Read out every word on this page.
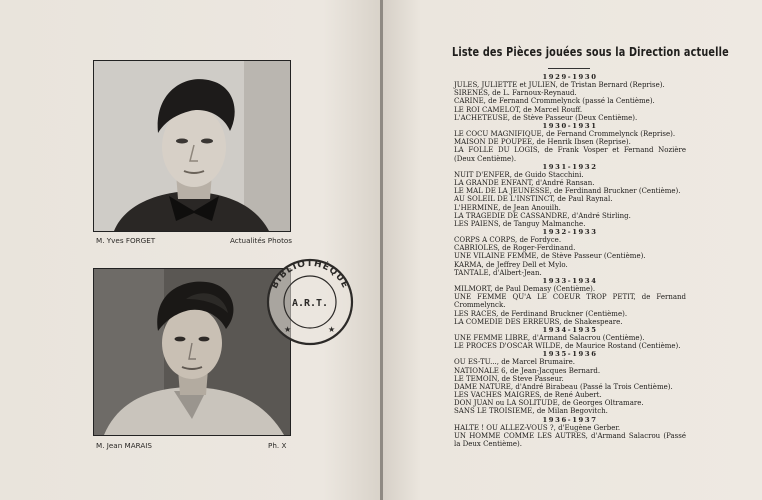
M. Yves FORGET	Actualités Photos
M. Jean MARAIS	Ph. X
BIBLIOTHÈQUE
A.R.T.
★	★
Liste des Pièces jouées sous la Direction actuelle
1929-1930
JULES, JULIETTE et JULIEN, de Tristan Bernard (Reprise).
SIRENES, de L. Farnoux-Reynaud.
CARINE, de Fernand Crommelynck (passé la Centième).
LE ROI CAMELOT, de Marcel Rouff.
L'ACHETEUSE, de Stève Passeur (Deux Centième).
1930-1931
LE COCU MAGNIFIQUE, de Fernand Crommelynck (Reprise).
MAISON DE POUPEE, de Henrik Ibsen (Reprise).
LA FOLLE DU LOGIS, de Frank Vosper et Fernand Nozière (Deux Centième).
1931-1932
NUIT D'ENFER, de Guido Stacchini.
LA GRANDE ENFANT, d'André Ransan.
LE MAL DE LA JEUNESSE, de Ferdinand Bruckner (Centième).
AU SOLEIL DE L'INSTINCT, de Paul Raynal.
L'HERMINE, de Jean Anouilh.
LA TRAGEDIE DE CASSANDRE, d'André Stirling.
LES PAIENS, de Tanguy Malmanche.
1932-1933
CORPS A CORPS, de Fordyce.
CABRIOLES, de Roger-Ferdinand.
UNE VILAINE FEMME, de Stève Passeur (Centième).
KARMA, de Jeffrey Dell et Mylo.
TANTALE, d'Albert-Jean.
1933-1934
MILMORT, de Paul Demasy (Centième).
UNE FEMME QU'A LE COEUR TROP PETIT, de Fernand Crommelynck.
LES RACES, de Ferdinand Bruckner (Centième).
LA COMEDIE DES ERREURS, de Shakespeare.
1934-1935
UNE FEMME LIBRE, d'Armand Salacrou (Centième).
LE PROCES D'OSCAR WILDE, de Maurice Rostand (Centième).
1935-1936
OU ES-TU..., de Marcel Brumaire.
NATIONALE 6, de Jean-Jacques Bernard.
LE TEMOIN, de Steve Passeur.
DAME NATURE, d'André Birabeau (Passé la Trois Centième).
LES VACHES MAIGRES, de René Aubert.
DON JUAN ou LA SOLITUDE, de Georges Oltramare.
SANS LE TROISIEME, de Milan Begovitch.
1936-1937
HALTE ! OU ALLEZ-VOUS ?, d'Eugène Gerber.
UN HOMME COMME LES AUTRES, d'Armand Salacrou (Passé la Deux Centième).
